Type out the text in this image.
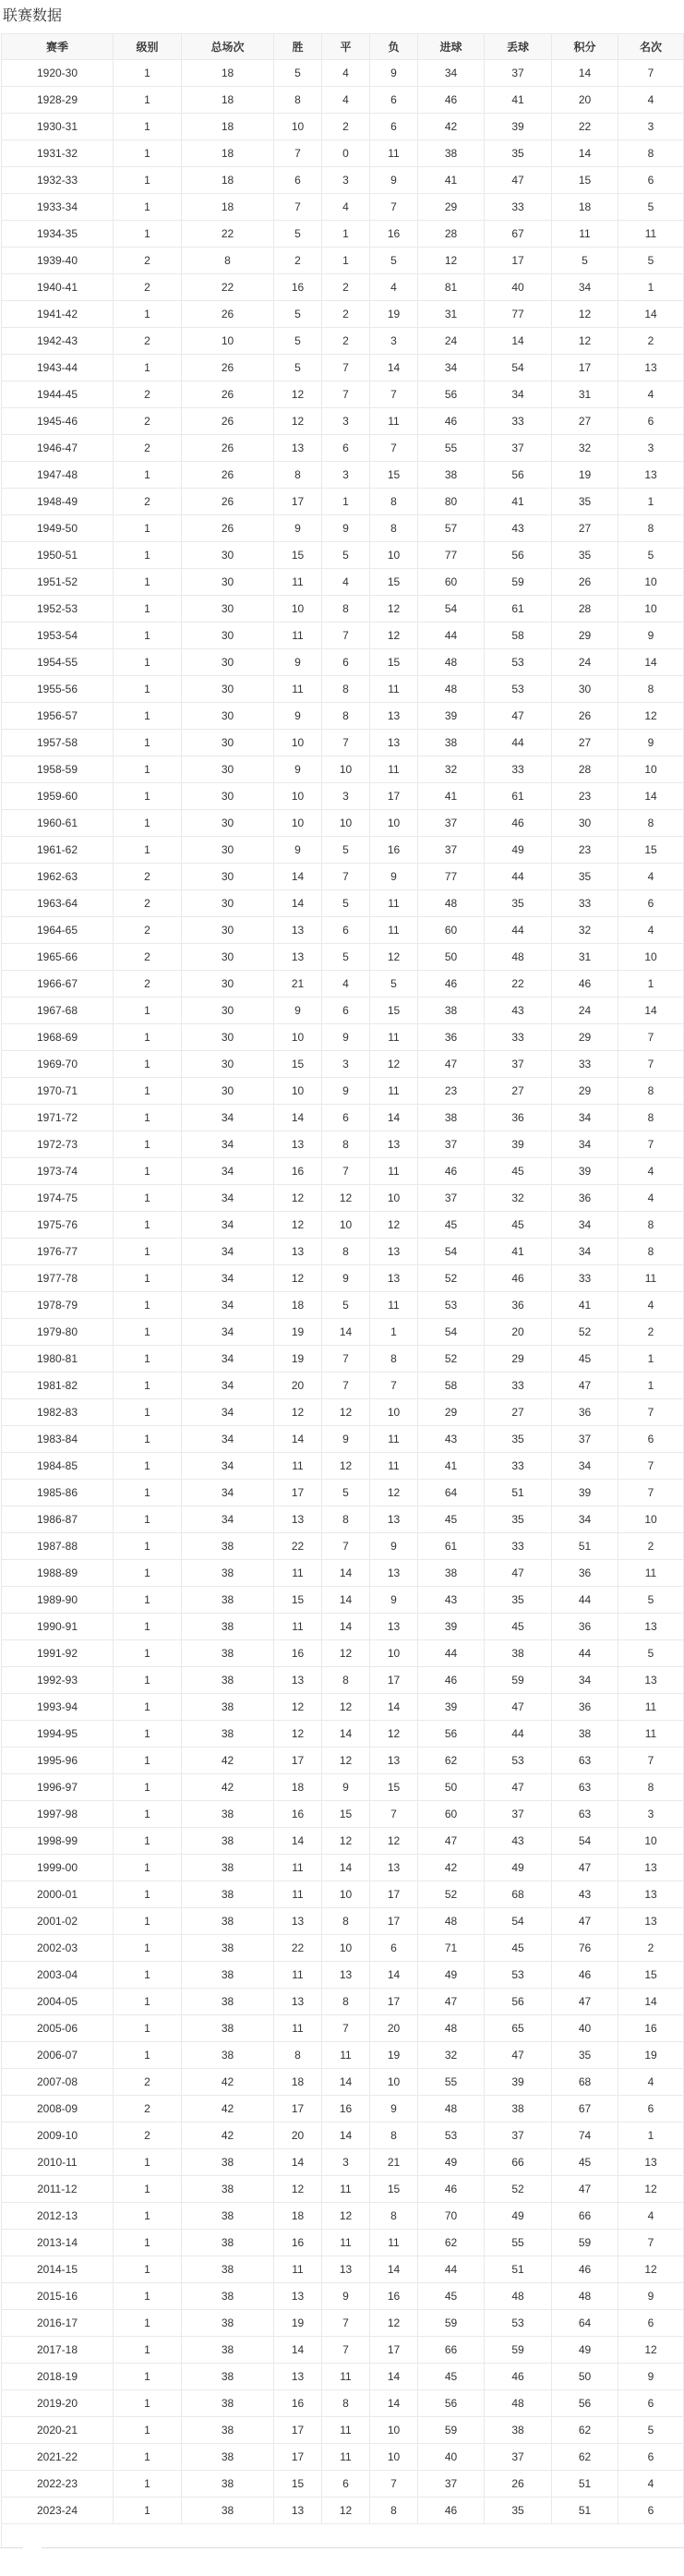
联赛数据
赛季	级别	总场次	胜	平	负	进球	丢球	积分	名次
1920-30	1	18	5	4	9	34	37	14	7
1928-29	1	18	8	4	6	46	41	20	4
1930-31	1	18	10	2	6	42	39	22	3
1931-32	1	18	7	0	11	38	35	14	8
1932-33	1	18	6	3	9	41	47	15	6
1933-34	1	18	7	4	7	29	33	18	5
1934-35	1	22	5	1	16	28	67	11	11
1939-40	2	8	2	1	5	12	17	5	5
1940-41	2	22	16	2	4	81	40	34	1
1941-42	1	26	5	2	19	31	77	12	14
1942-43	2	10	5	2	3	24	14	12	2
1943-44	1	26	5	7	14	34	54	17	13
1944-45	2	26	12	7	7	56	34	31	4
1945-46	2	26	12	3	11	46	33	27	6
1946-47	2	26	13	6	7	55	37	32	3
1947-48	1	26	8	3	15	38	56	19	13
1948-49	2	26	17	1	8	80	41	35	1
1949-50	1	26	9	9	8	57	43	27	8
1950-51	1	30	15	5	10	77	56	35	5
1951-52	1	30	11	4	15	60	59	26	10
1952-53	1	30	10	8	12	54	61	28	10
1953-54	1	30	11	7	12	44	58	29	9
1954-55	1	30	9	6	15	48	53	24	14
1955-56	1	30	11	8	11	48	53	30	8
1956-57	1	30	9	8	13	39	47	26	12
1957-58	1	30	10	7	13	38	44	27	9
1958-59	1	30	9	10	11	32	33	28	10
1959-60	1	30	10	3	17	41	61	23	14
1960-61	1	30	10	10	10	37	46	30	8
1961-62	1	30	9	5	16	37	49	23	15
1962-63	2	30	14	7	9	77	44	35	4
1963-64	2	30	14	5	11	48	35	33	6
1964-65	2	30	13	6	11	60	44	32	4
1965-66	2	30	13	5	12	50	48	31	10
1966-67	2	30	21	4	5	46	22	46	1
1967-68	1	30	9	6	15	38	43	24	14
1968-69	1	30	10	9	11	36	33	29	7
1969-70	1	30	15	3	12	47	37	33	7
1970-71	1	30	10	9	11	23	27	29	8
1971-72	1	34	14	6	14	38	36	34	8
1972-73	1	34	13	8	13	37	39	34	7
1973-74	1	34	16	7	11	46	45	39	4
1974-75	1	34	12	12	10	37	32	36	4
1975-76	1	34	12	10	12	45	45	34	8
1976-77	1	34	13	8	13	54	41	34	8
1977-78	1	34	12	9	13	52	46	33	11
1978-79	1	34	18	5	11	53	36	41	4
1979-80	1	34	19	14	1	54	20	52	2
1980-81	1	34	19	7	8	52	29	45	1
1981-82	1	34	20	7	7	58	33	47	1
1982-83	1	34	12	12	10	29	27	36	7
1983-84	1	34	14	9	11	43	35	37	6
1984-85	1	34	11	12	11	41	33	34	7
1985-86	1	34	17	5	12	64	51	39	7
1986-87	1	34	13	8	13	45	35	34	10
1987-88	1	38	22	7	9	61	33	51	2
1988-89	1	38	11	14	13	38	47	36	11
1989-90	1	38	15	14	9	43	35	44	5
1990-91	1	38	11	14	13	39	45	36	13
1991-92	1	38	16	12	10	44	38	44	5
1992-93	1	38	13	8	17	46	59	34	13
1993-94	1	38	12	12	14	39	47	36	11
1994-95	1	38	12	14	12	56	44	38	11
1995-96	1	42	17	12	13	62	53	63	7
1996-97	1	42	18	9	15	50	47	63	8
1997-98	1	38	16	15	7	60	37	63	3
1998-99	1	38	14	12	12	47	43	54	10
1999-00	1	38	11	14	13	42	49	47	13
2000-01	1	38	11	10	17	52	68	43	13
2001-02	1	38	13	8	17	48	54	47	13
2002-03	1	38	22	10	6	71	45	76	2
2003-04	1	38	11	13	14	49	53	46	15
2004-05	1	38	13	8	17	47	56	47	14
2005-06	1	38	11	7	20	48	65	40	16
2006-07	1	38	8	11	19	32	47	35	19
2007-08	2	42	18	14	10	55	39	68	4
2008-09	2	42	17	16	9	48	38	67	6
2009-10	2	42	20	14	8	53	37	74	1
2010-11	1	38	14	3	21	49	66	45	13
2011-12	1	38	12	11	15	46	52	47	12
2012-13	1	38	18	12	8	70	49	66	4
2013-14	1	38	16	11	11	62	55	59	7
2014-15	1	38	11	13	14	44	51	46	12
2015-16	1	38	13	9	16	45	48	48	9
2016-17	1	38	19	7	12	59	53	64	6
2017-18	1	38	14	7	17	66	59	49	12
2018-19	1	38	13	11	14	45	46	50	9
2019-20	1	38	16	8	14	56	48	56	6
2020-21	1	38	17	11	10	59	38	62	5
2021-22	1	38	17	11	10	40	37	62	6
2022-23	1	38	15	6	7	37	26	51	4
2023-24	1	38	13	12	8	46	35	51	6
